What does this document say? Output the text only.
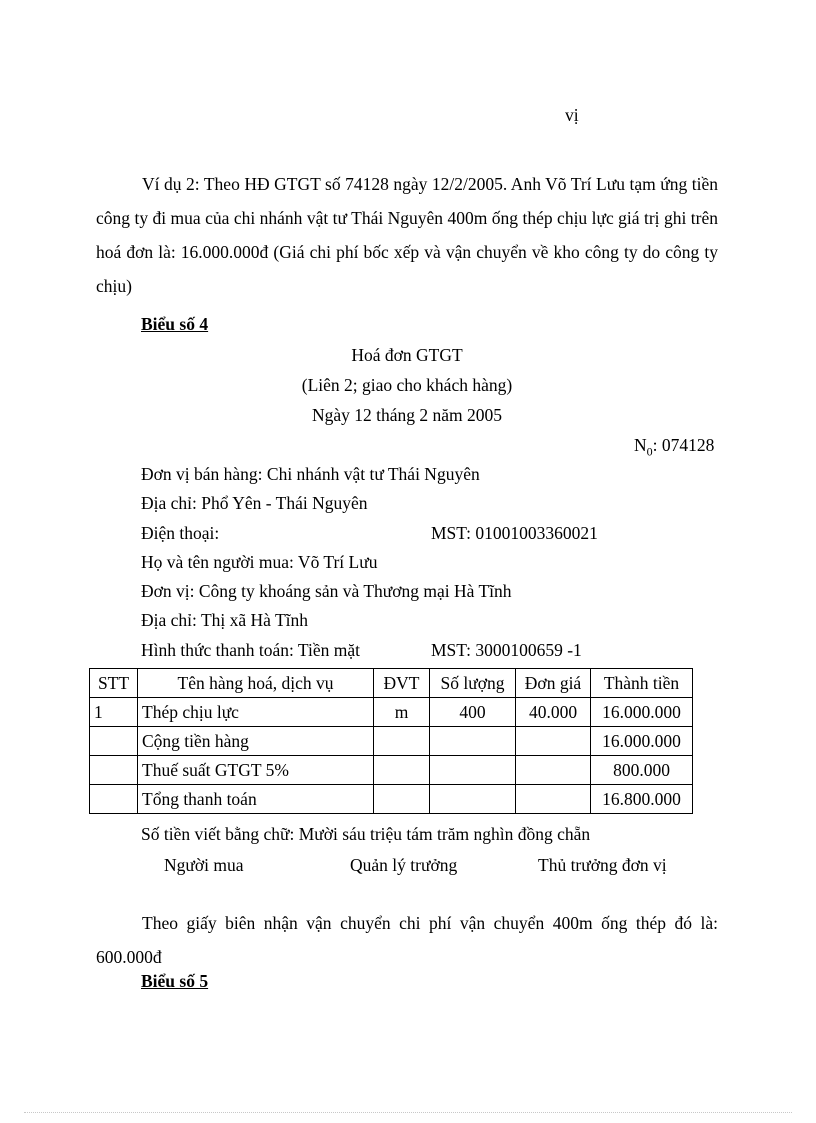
vị

Ví dụ 2: Theo HĐ GTGT số 74128 ngày 12/2/2005. Anh Võ Trí Lưu tạm ứng tiền công ty đi mua của chi nhánh vật tư Thái Nguyên 400m ống thép chịu lực giá trị ghi trên hoá đơn là: 16.000.000đ (Giá chi phí bốc xếp và vận chuyển về kho công ty do công ty chịu)

Biểu số 4
Hoá đơn GTGT
(Liên 2; giao cho khách hàng)
Ngày 12 tháng 2 năm 2005
$N_0$: 074128
Đơn vị bán hàng: Chi nhánh vật tư Thái Nguyên
Địa chỉ: Phổ Yên - Thái Nguyên
Điện thoại:	MST: 01001003360021
Họ và tên người mua: Võ Trí Lưu
Đơn vị: Công ty khoáng sản và Thương mại Hà Tĩnh
Địa chỉ: Thị xã Hà Tĩnh
Hình thức thanh toán: Tiền mặt	MST: 3000100659 -1
STT	Tên hàng hoá, dịch vụ	ĐVT	Số lượng	Đơn giá	Thành tiền
1	Thép chịu lực	m	400	40.000	16.000.000
	Cộng tiền hàng				16.000.000
	Thuế suất GTGT 5%				800.000
	Tổng thanh toán				16.800.000
Số tiền viết bằng chữ: Mười sáu triệu tám trăm nghìn đồng chẵn
Người mua	Quản lý trưởng	Thủ trưởng đơn vị

Theo giấy biên nhận vận chuyển chi phí vận chuyển 400m ống thép đó là: 600.000đ

Biểu số 5
